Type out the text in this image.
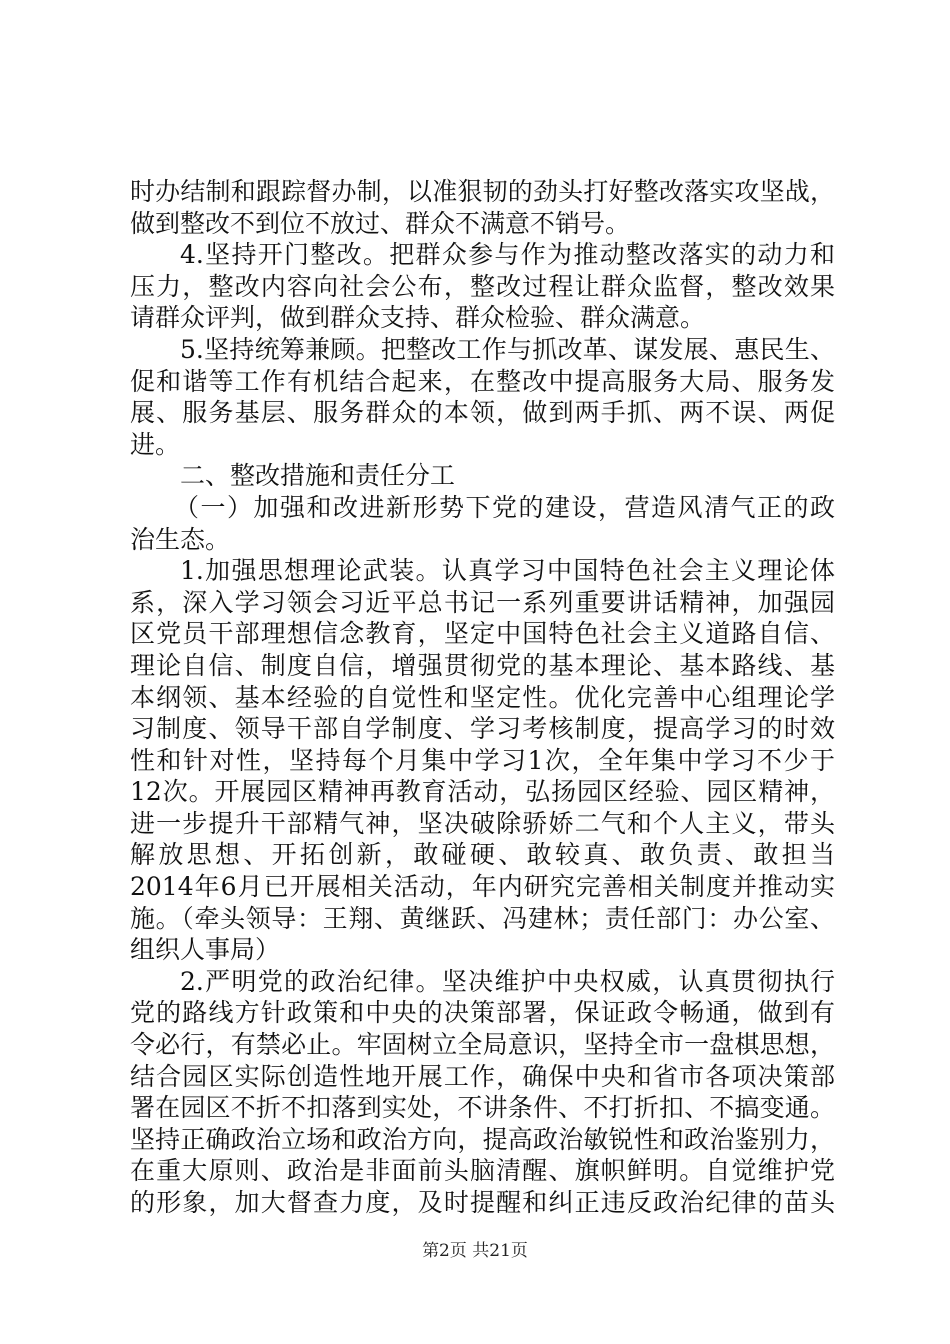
时办结制和跟踪督办制，以准狠韧的劲头打好整改落实攻坚战，
做到整改不到位不放过、群众不满意不销号。
4.坚持开门整改。把群众参与作为推动整改落实的动力和
压力，整改内容向社会公布，整改过程让群众监督，整改效果
请群众评判，做到群众支持、群众检验、群众满意。
5.坚持统筹兼顾。把整改工作与抓改革、谋发展、惠民生、
促和谐等工作有机结合起来，在整改中提高服务大局、服务发
展、服务基层、服务群众的本领，做到两手抓、两不误、两促
进。
二、整改措施和责任分工
（一）加强和改进新形势下党的建设，营造风清气正的政
治生态。
1.加强思想理论武装。认真学习中国特色社会主义理论体
系，深入学习领会习近平总书记一系列重要讲话精神，加强园
区党员干部理想信念教育，坚定中国特色社会主义道路自信、
理论自信、制度自信，增强贯彻党的基本理论、基本路线、基
本纲领、基本经验的自觉性和坚定性。优化完善中心组理论学
习制度、领导干部自学制度、学习考核制度，提高学习的时效
性和针对性，坚持每个月集中学习1次，全年集中学习不少于
12次。开展园区精神再教育活动，弘扬园区经验、园区精神，
进一步提升干部精气神，坚决破除骄娇二气和个人主义，带头
解放思想、开拓创新，敢碰硬、敢较真、敢负责、敢担当
2014年6月已开展相关活动，年内研究完善相关制度并推动实
施。（牵头领导：王翔、黄继跃、冯建林；责任部门：办公室、
组织人事局）
2.严明党的政治纪律。坚决维护中央权威，认真贯彻执行
党的路线方针政策和中央的决策部署，保证政令畅通，做到有
令必行，有禁必止。牢固树立全局意识，坚持全市一盘棋思想，
结合园区实际创造性地开展工作，确保中央和省市各项决策部
署在园区不折不扣落到实处，不讲条件、不打折扣、不搞变通。
坚持正确政治立场和政治方向，提高政治敏锐性和政治鉴别力，
在重大原则、政治是非面前头脑清醒、旗帜鲜明。自觉维护党
的形象，加大督查力度，及时提醒和纠正违反政治纪律的苗头
第2页 共21页
